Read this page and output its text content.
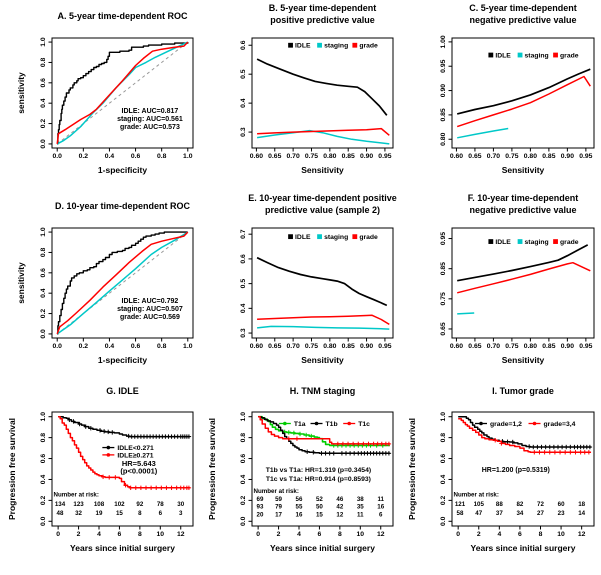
A. 5-year time-dependent ROC
0.0 0.2 0.4 0.6 0.8 1.0
0.0
0.2
0.4
0.6
0.8
1.0
1-specificity
sensitivity	IDLE: AUC=0.817
staging: AUC=0.561
grade: AUC=0.573
B. 5-year time-dependent
positive predictive value
0.60 0.65 0.70 0.75 0.80 0.85 0.90 0.95
0.3
0.4
0.5
0.6
Sensitivity
IDLE staging grade
C. 5-year time-dependent
negative predictive value
0.60 0.65 0.70 0.75 0.80 0.85 0.90 0.95
0.80
0.85
0.90
0.95
1.00
Sensitivity
IDLE staging grade
D. 10-year time-dependent ROC
0.0 0.2 0.4 0.6 0.8 1.0
0.0
0.2
0.4
0.6
0.8
1.0
1-specificity
sensitivity	IDLE: AUC=0.792
staging: AUC=0.507
grade: AUC=0.569
E. 10-year time-dependent positive
predictive value (sample 2)
0.60 0.65 0.70 0.75 0.80 0.85 0.90 0.95
0.3
0.4
0.5
0.6
0.7
Sensitivity
IDLE staging grade
F. 10-year time-dependent
negative predictive value
0.60 0.65 0.70 0.75 0.80 0.85 0.90 0.95
0.65
0.75
0.85
0.95
Sensitivity
IDLE staging grade
G. IDLE
0 2 4 6 8 10 12
0.0
0.2
0.4
0.6
0.8
1.0
Years since initial surgery
Progression free survival	IDLE<0.271
IDLE≥0.271
HR=5.643
(p<0.0001)
Number at risk:
134 123 108 102 92 78 30
48 32 19 15 8	6	3
H. TNM staging
0 2 4 6 8 10 12
0.0
0.2
0.4
0.6
0.8
1.0
Years since initial surgery
Progression free survival	T1a	T1b	T1c
T1b vs T1a: HR=1.319 (p=0.3454)
T1c vs T1a: HR=0.914 (p=0.8593)
Number at risk:
69 59 56 52 46 38 11
93 79 55 50 42 35 16
20 17 16 15 12 11 6
I. Tumor grade
0 2 4 6 8 10 12
0.0
0.2
0.4
0.6
0.8
1.0
Years since initial surgery
Progression free survival	grade=1,2	grade=3,4
HR=1.200 (p=0.5319)
Number at risk:
121 105 88 82 72 60 18
58 47 37 34 27 23 14
